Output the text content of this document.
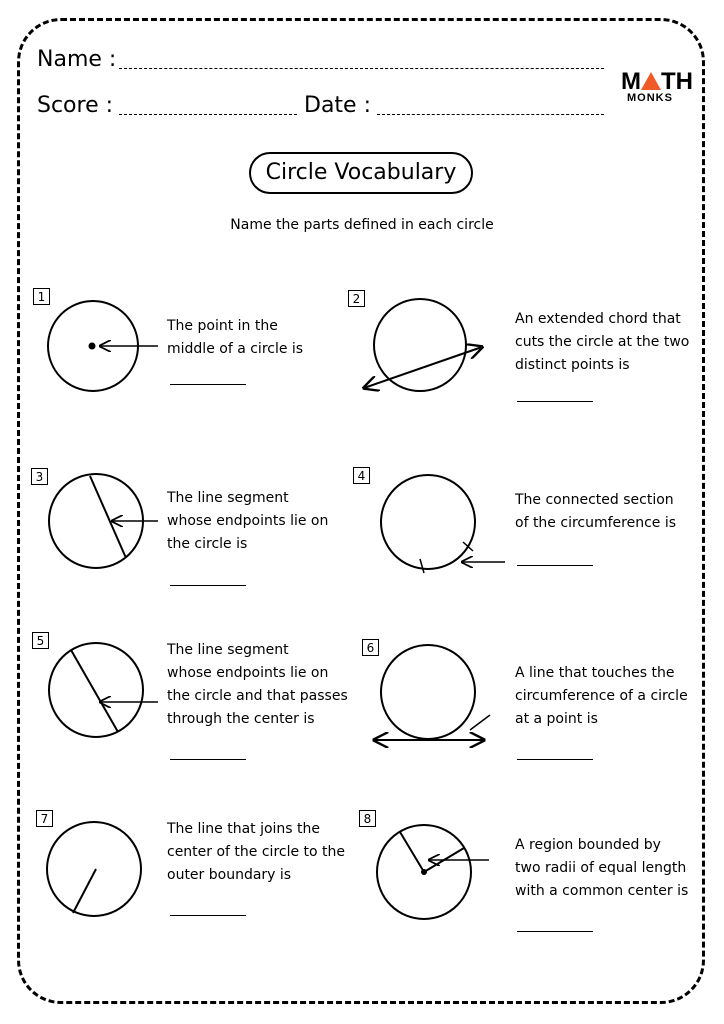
Name :
Score :	Date :
M TH
MONKS
Circle Vocabulary
Name the parts defined in each circle
1	2
3	4
5	6
7	8
The point in the
middle of a circle is
An extended chord that
cuts the circle at the two
distinct points is
The line segment
whose endpoints lie on
the circle is
The connected section
of the circumference is
The line segment
whose endpoints lie on
the circle and that passes
through the center is
A line that touches the
circumference of a circle
at a point is
The line that joins the
center of the circle to the
outer boundary is
A region bounded by
two radii of equal length
with a common center is
